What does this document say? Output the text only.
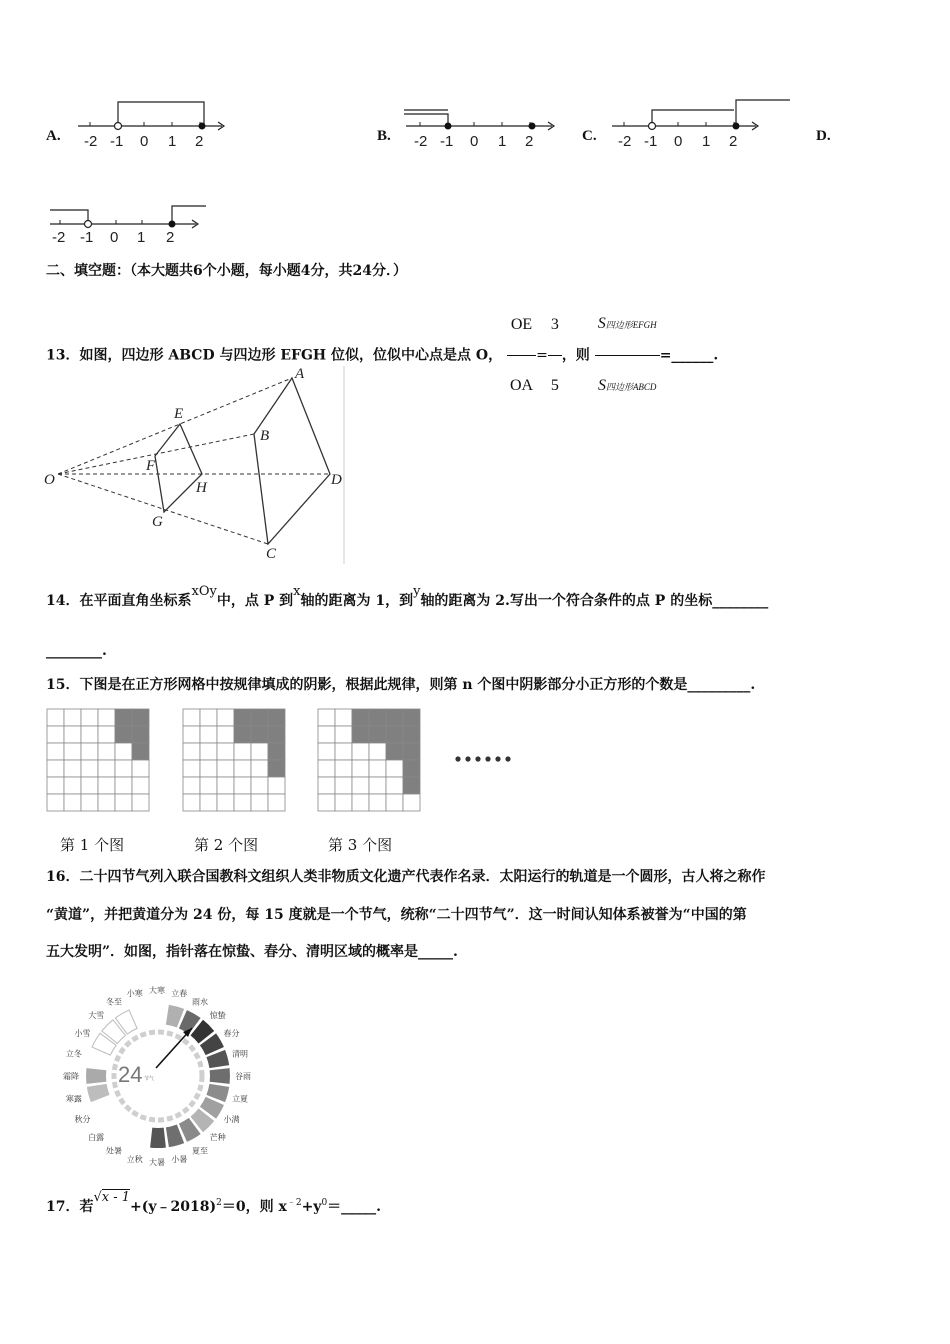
A. -2 -1 0 1 2	B. -2 -1 0 1 2	C. -2 -1 0 1 2	D.
-2 -1 0 1 2
二、填空题：（本大题共6个小题，每小题4分，共24分．）
13．如图，四边形 ABCD 与四边形 EFGH 位似，位似中心点是点 O， $\frac{OE}{OA} = \frac{3}{5}$ ，则 $\frac{\text{S四边形EFGH}}{\text{S四边形ABCD}}$ =______.
A
B
C
D
E
F
G
H
O
14．在平面直角坐标系xOy中，点 P 到x轴的距离为 1，到y轴的距离为 2.写出一个符合条件的点 P 的坐标________
________.
15．下图是在正方形网格中按规律填成的阴影，根据此规律，则第 n 个图中阴影部分小正方形的个数是_________.
第 1 个图	第 2 个图	第 3 个图
16．二十四节气列入联合国教科文组织人类非物质文化遗产代表作名录．太阳运行的轨道是一个圆形，古人将之称作
“黄道”，并把黄道分为 24 份，每 15 度就是一个节气，统称“二十四节气”．这一时间认知体系被誉为“中国的第
五大发明”．如图，指针落在惊蛰、春分、清明区域的概率是_____.
立春
雨水
惊蛰
春分
清明
谷雨
立夏
小满
芒种
夏至
小暑
大暑
立秋
处暑
白露
秋分
寒露
霜降
立冬
小雪
大雪
冬至
小寒 大寒
24 节气
17．若√x - 1+(y﹣2018)$^2$＝0，则 $x^{﹣2}+y^0=\_\_\_\_\_$.
